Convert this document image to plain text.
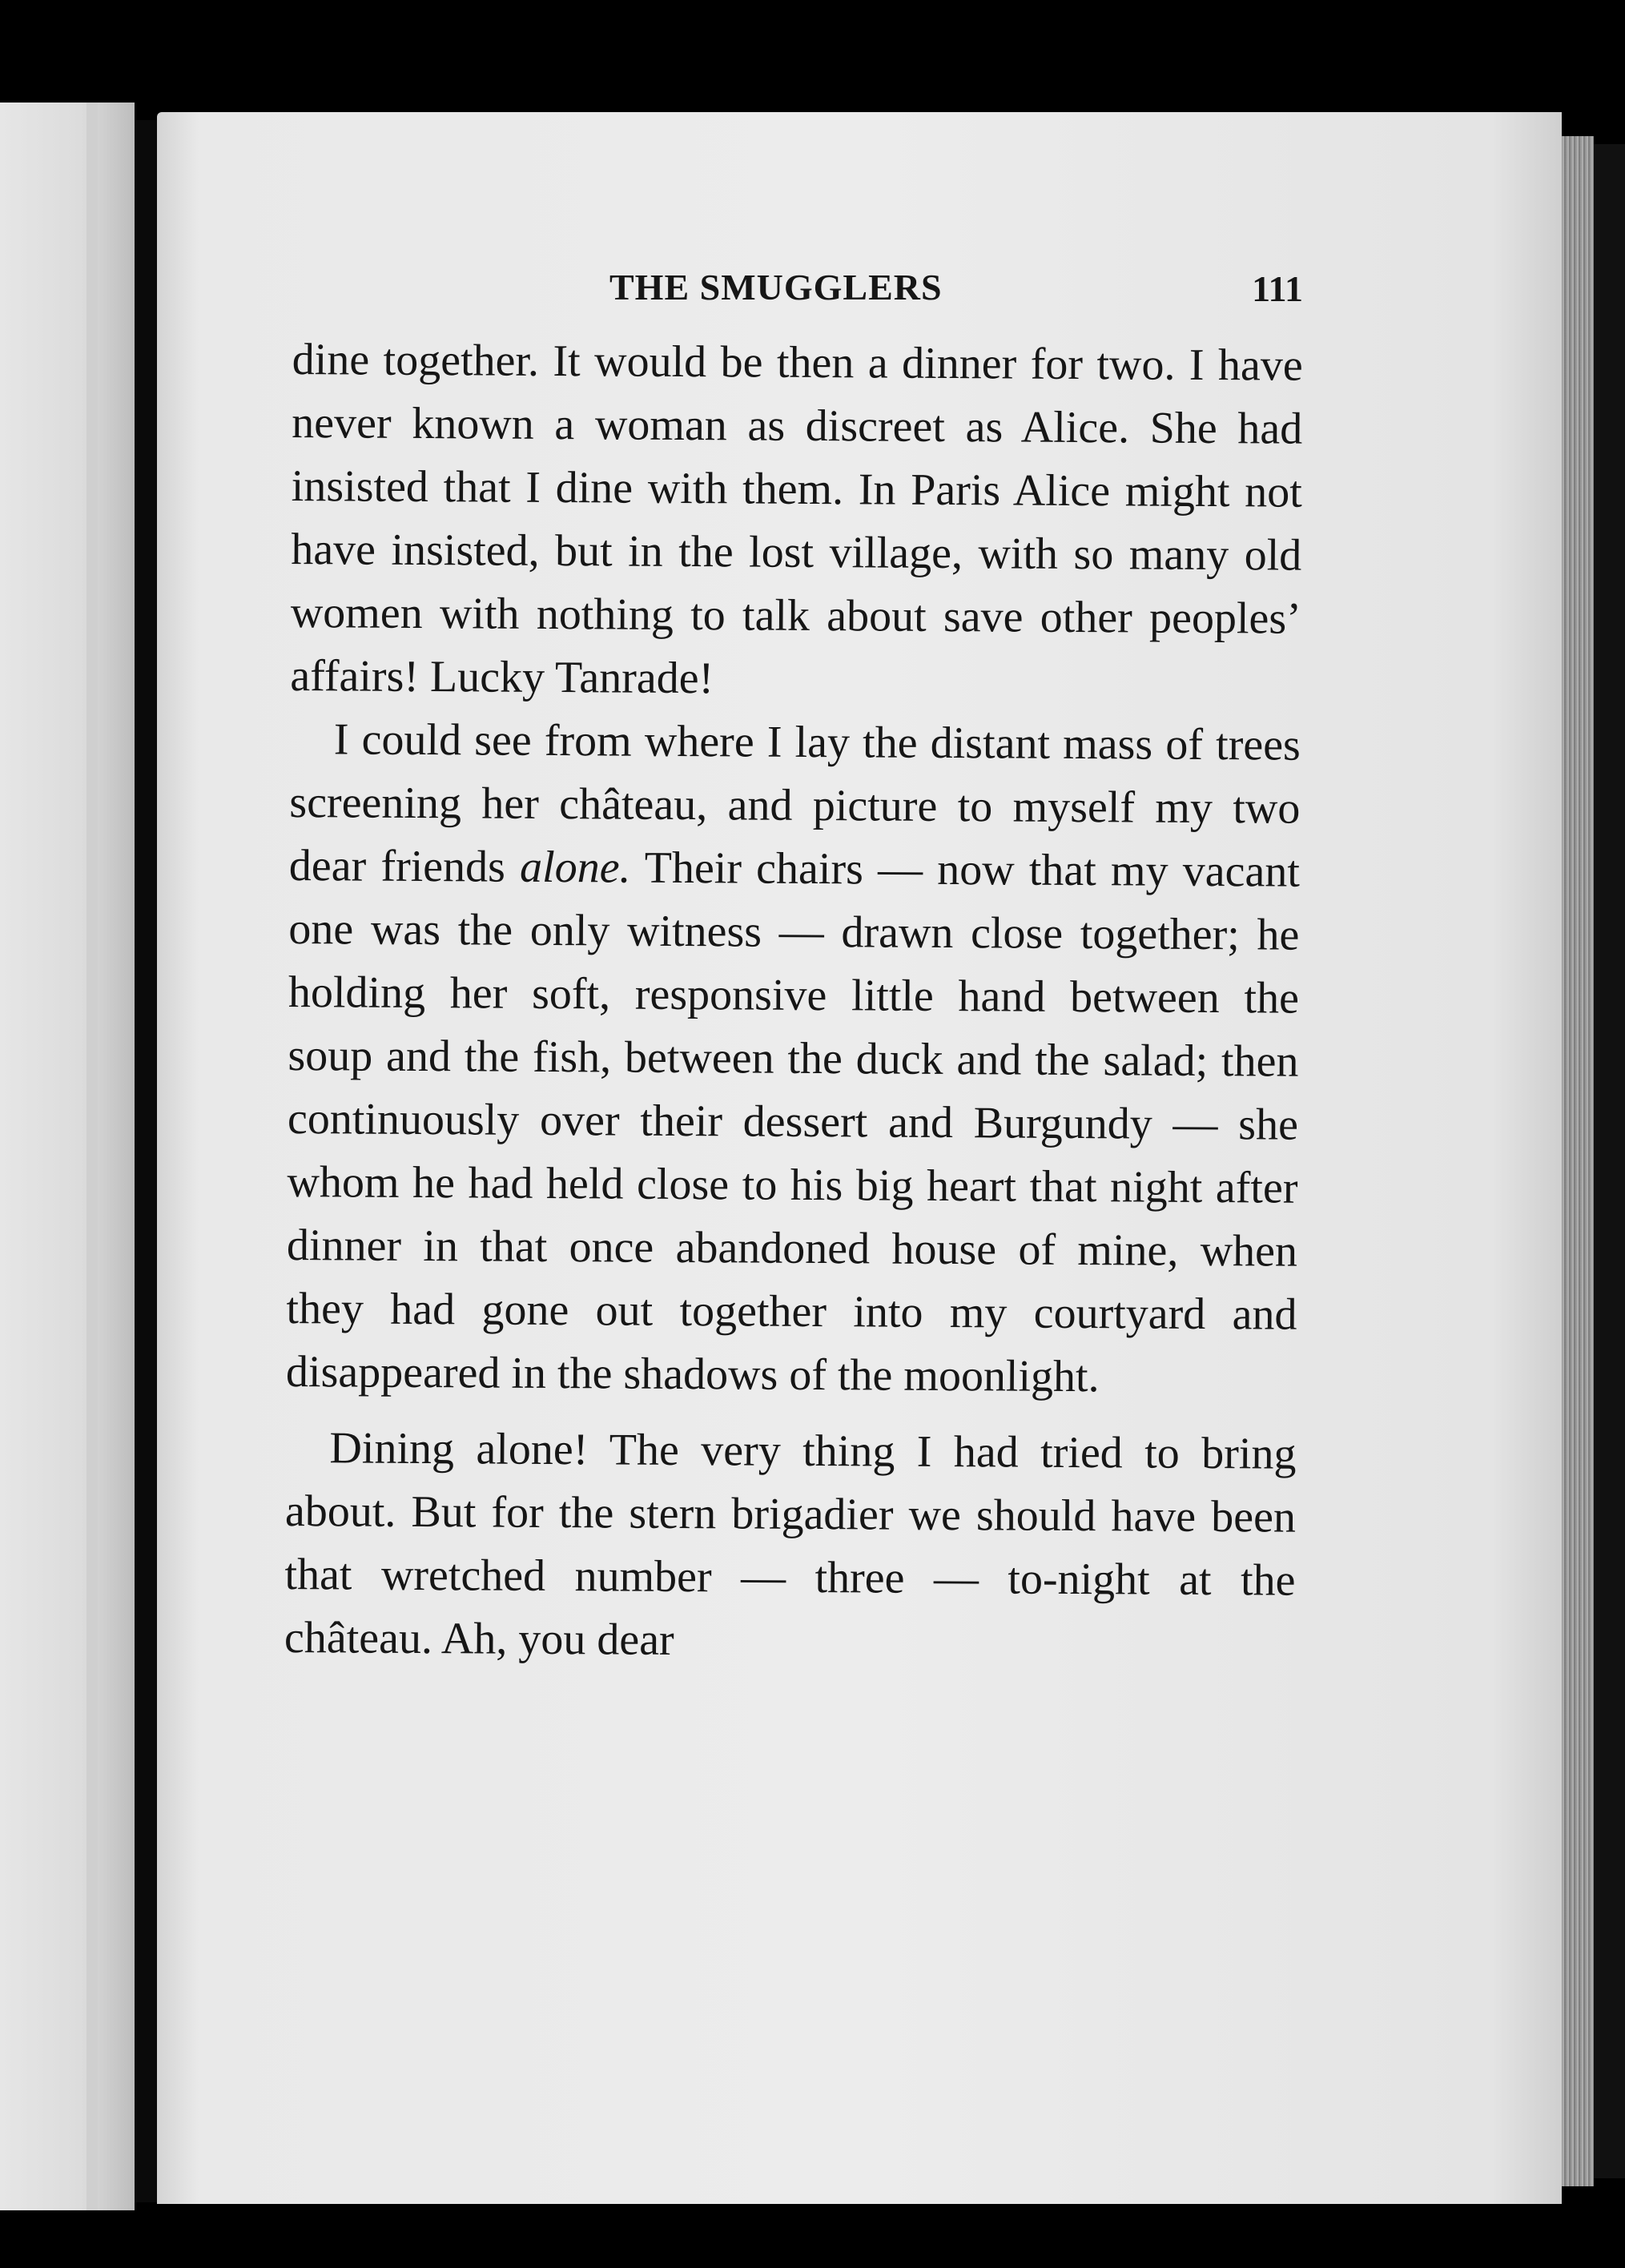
THE SMUGGLERS	111

dine together. It would be then a dinner for two. I have never known a woman as discreet as Alice. She had insisted that I dine with them. In Paris Alice might not have insisted, but in the lost village, with so many old women with nothing to talk about save other peoples’ affairs! Lucky Tanrade!

I could see from where I lay the distant mass of trees screening her château, and picture to myself my two dear friends alone. Their chairs — now that my vacant one was the only witness — drawn close together; he holding her soft, responsive little hand between the soup and the fish, between the duck and the salad; then continuously over their dessert and Burgundy — she whom he had held close to his big heart that night after dinner in that once abandoned house of mine, when they had gone out together into my courtyard and disappeared in the shadows of the moonlight.

Dining alone! The very thing I had tried to bring about. But for the stern brigadier we should have been that wretched number — three — to-night at the château. Ah, you dear
